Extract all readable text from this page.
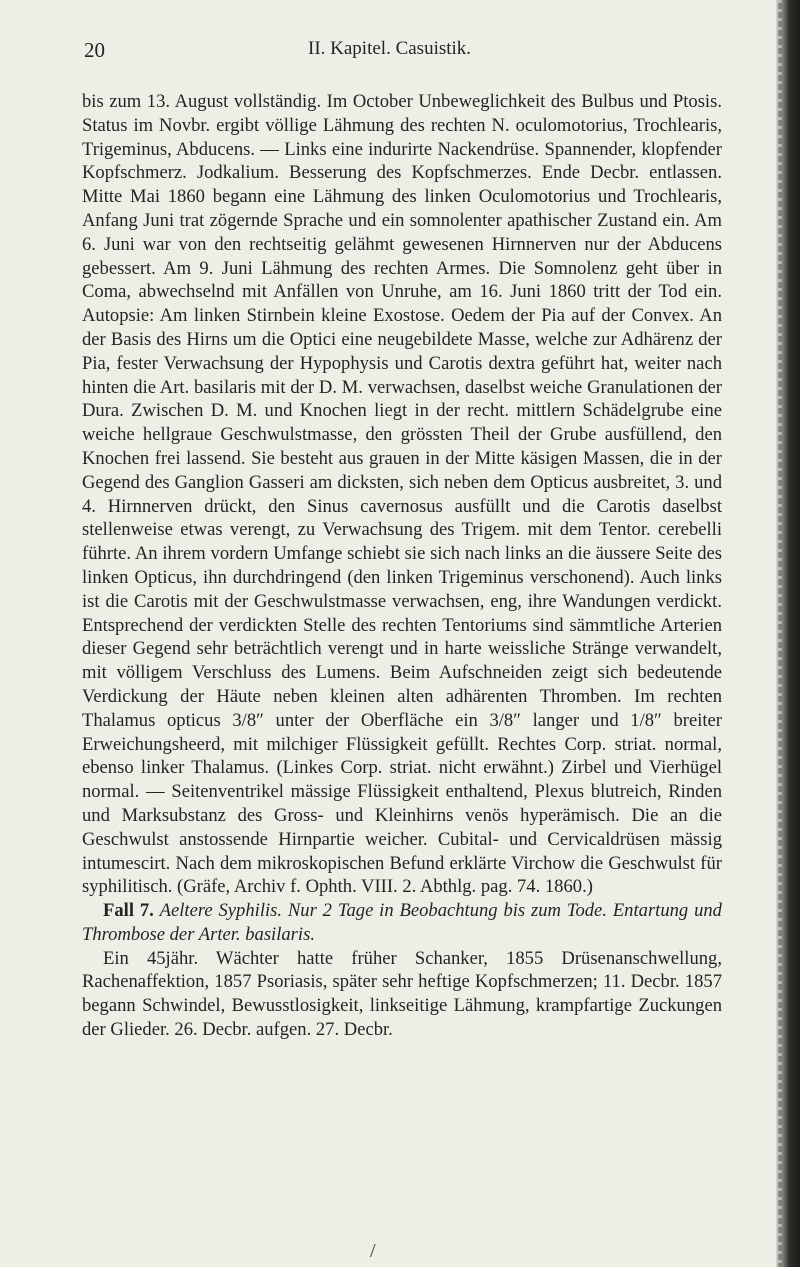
20	II. Kapitel. Casuistik.

bis zum 13. August vollständig. Im October Unbeweglichkeit des Bulbus und Ptosis. Status im Novbr. ergibt völlige Lähmung des rechten N. oculomotorius, Trochlearis, Trigeminus, Abducens. — Links eine indurirte Nackendrüse. Spannender, klopfender Kopfschmerz. Jodkalium. Besserung des Kopfschmerzes. Ende Decbr. entlassen. Mitte Mai 1860 begann eine Lähmung des linken Oculomotorius und Trochlearis, Anfang Juni trat zögernde Sprache und ein somnolenter apathischer Zustand ein. Am 6. Juni war von den rechtseitig gelähmt gewesenen Hirnnerven nur der Abducens gebessert. Am 9. Juni Lähmung des rechten Armes. Die Somnolenz geht über in Coma, abwechselnd mit Anfällen von Unruhe, am 16. Juni 1860 tritt der Tod ein. Autopsie: Am linken Stirnbein kleine Exostose. Oedem der Pia auf der Convex. An der Basis des Hirns um die Optici eine neugebildete Masse, welche zur Adhärenz der Pia, fester Verwachsung der Hypophysis und Carotis dextra geführt hat, weiter nach hinten die Art. basilaris mit der D. M. verwachsen, daselbst weiche Granulationen der Dura. Zwischen D. M. und Knochen liegt in der recht. mittlern Schädelgrube eine weiche hellgraue Geschwulstmasse, den grössten Theil der Grube ausfüllend, den Knochen frei lassend. Sie besteht aus grauen in der Mitte käsigen Massen, die in der Gegend des Ganglion Gasseri am dicksten, sich neben dem Opticus ausbreitet, 3. und 4. Hirnnerven drückt, den Sinus cavernosus ausfüllt und die Carotis daselbst stellenweise etwas verengt, zu Verwachsung des Trigem. mit dem Tentor. cerebelli führte. An ihrem vordern Umfange schiebt sie sich nach links an die äussere Seite des linken Opticus, ihn durchdringend (den linken Trigeminus verschonend). Auch links ist die Carotis mit der Geschwulstmasse verwachsen, eng, ihre Wandungen verdickt. Entsprechend der verdickten Stelle des rechten Tentoriums sind sämmtliche Arterien dieser Gegend sehr beträchtlich verengt und in harte weissliche Stränge verwandelt, mit völligem Verschluss des Lumens. Beim Aufschneiden zeigt sich bedeutende Verdickung der Häute neben kleinen alten adhärenten Thromben. Im rechten Thalamus opticus 3/8″ unter der Oberfläche ein 3/8″ langer und 1/8″ breiter Erweichungsheerd, mit milchiger Flüssigkeit gefüllt. Rechtes Corp. striat. normal, ebenso linker Thalamus. (Linkes Corp. striat. nicht erwähnt.) Zirbel und Vierhügel normal. — Seitenventrikel mässige Flüssigkeit enthaltend, Plexus blutreich, Rinden und Marksubstanz des Gross- und Kleinhirns venös hyperämisch. Die an die Geschwulst anstossende Hirnpartie weicher. Cubital- und Cervicaldrüsen mässig intumescirt. Nach dem mikroskopischen Befund erklärte Virchow die Geschwulst für syphilitisch. (Gräfe, Archiv f. Ophth. VIII. 2. Abthlg. pag. 74. 1860.)

Fall 7. Aeltere Syphilis. Nur 2 Tage in Beobachtung bis zum Tode. Entartung und Thrombose der Arter. basilaris.

Ein 45jähr. Wächter hatte früher Schanker, 1855 Drüsenanschwellung, Rachenaffektion, 1857 Psoriasis, später sehr heftige Kopfschmerzen; 11. Decbr. 1857 begann Schwindel, Bewusstlosigkeit, linkseitige Lähmung, krampfartige Zuckungen der Glieder. 26. Decbr. aufgen. 27. Decbr.

/
